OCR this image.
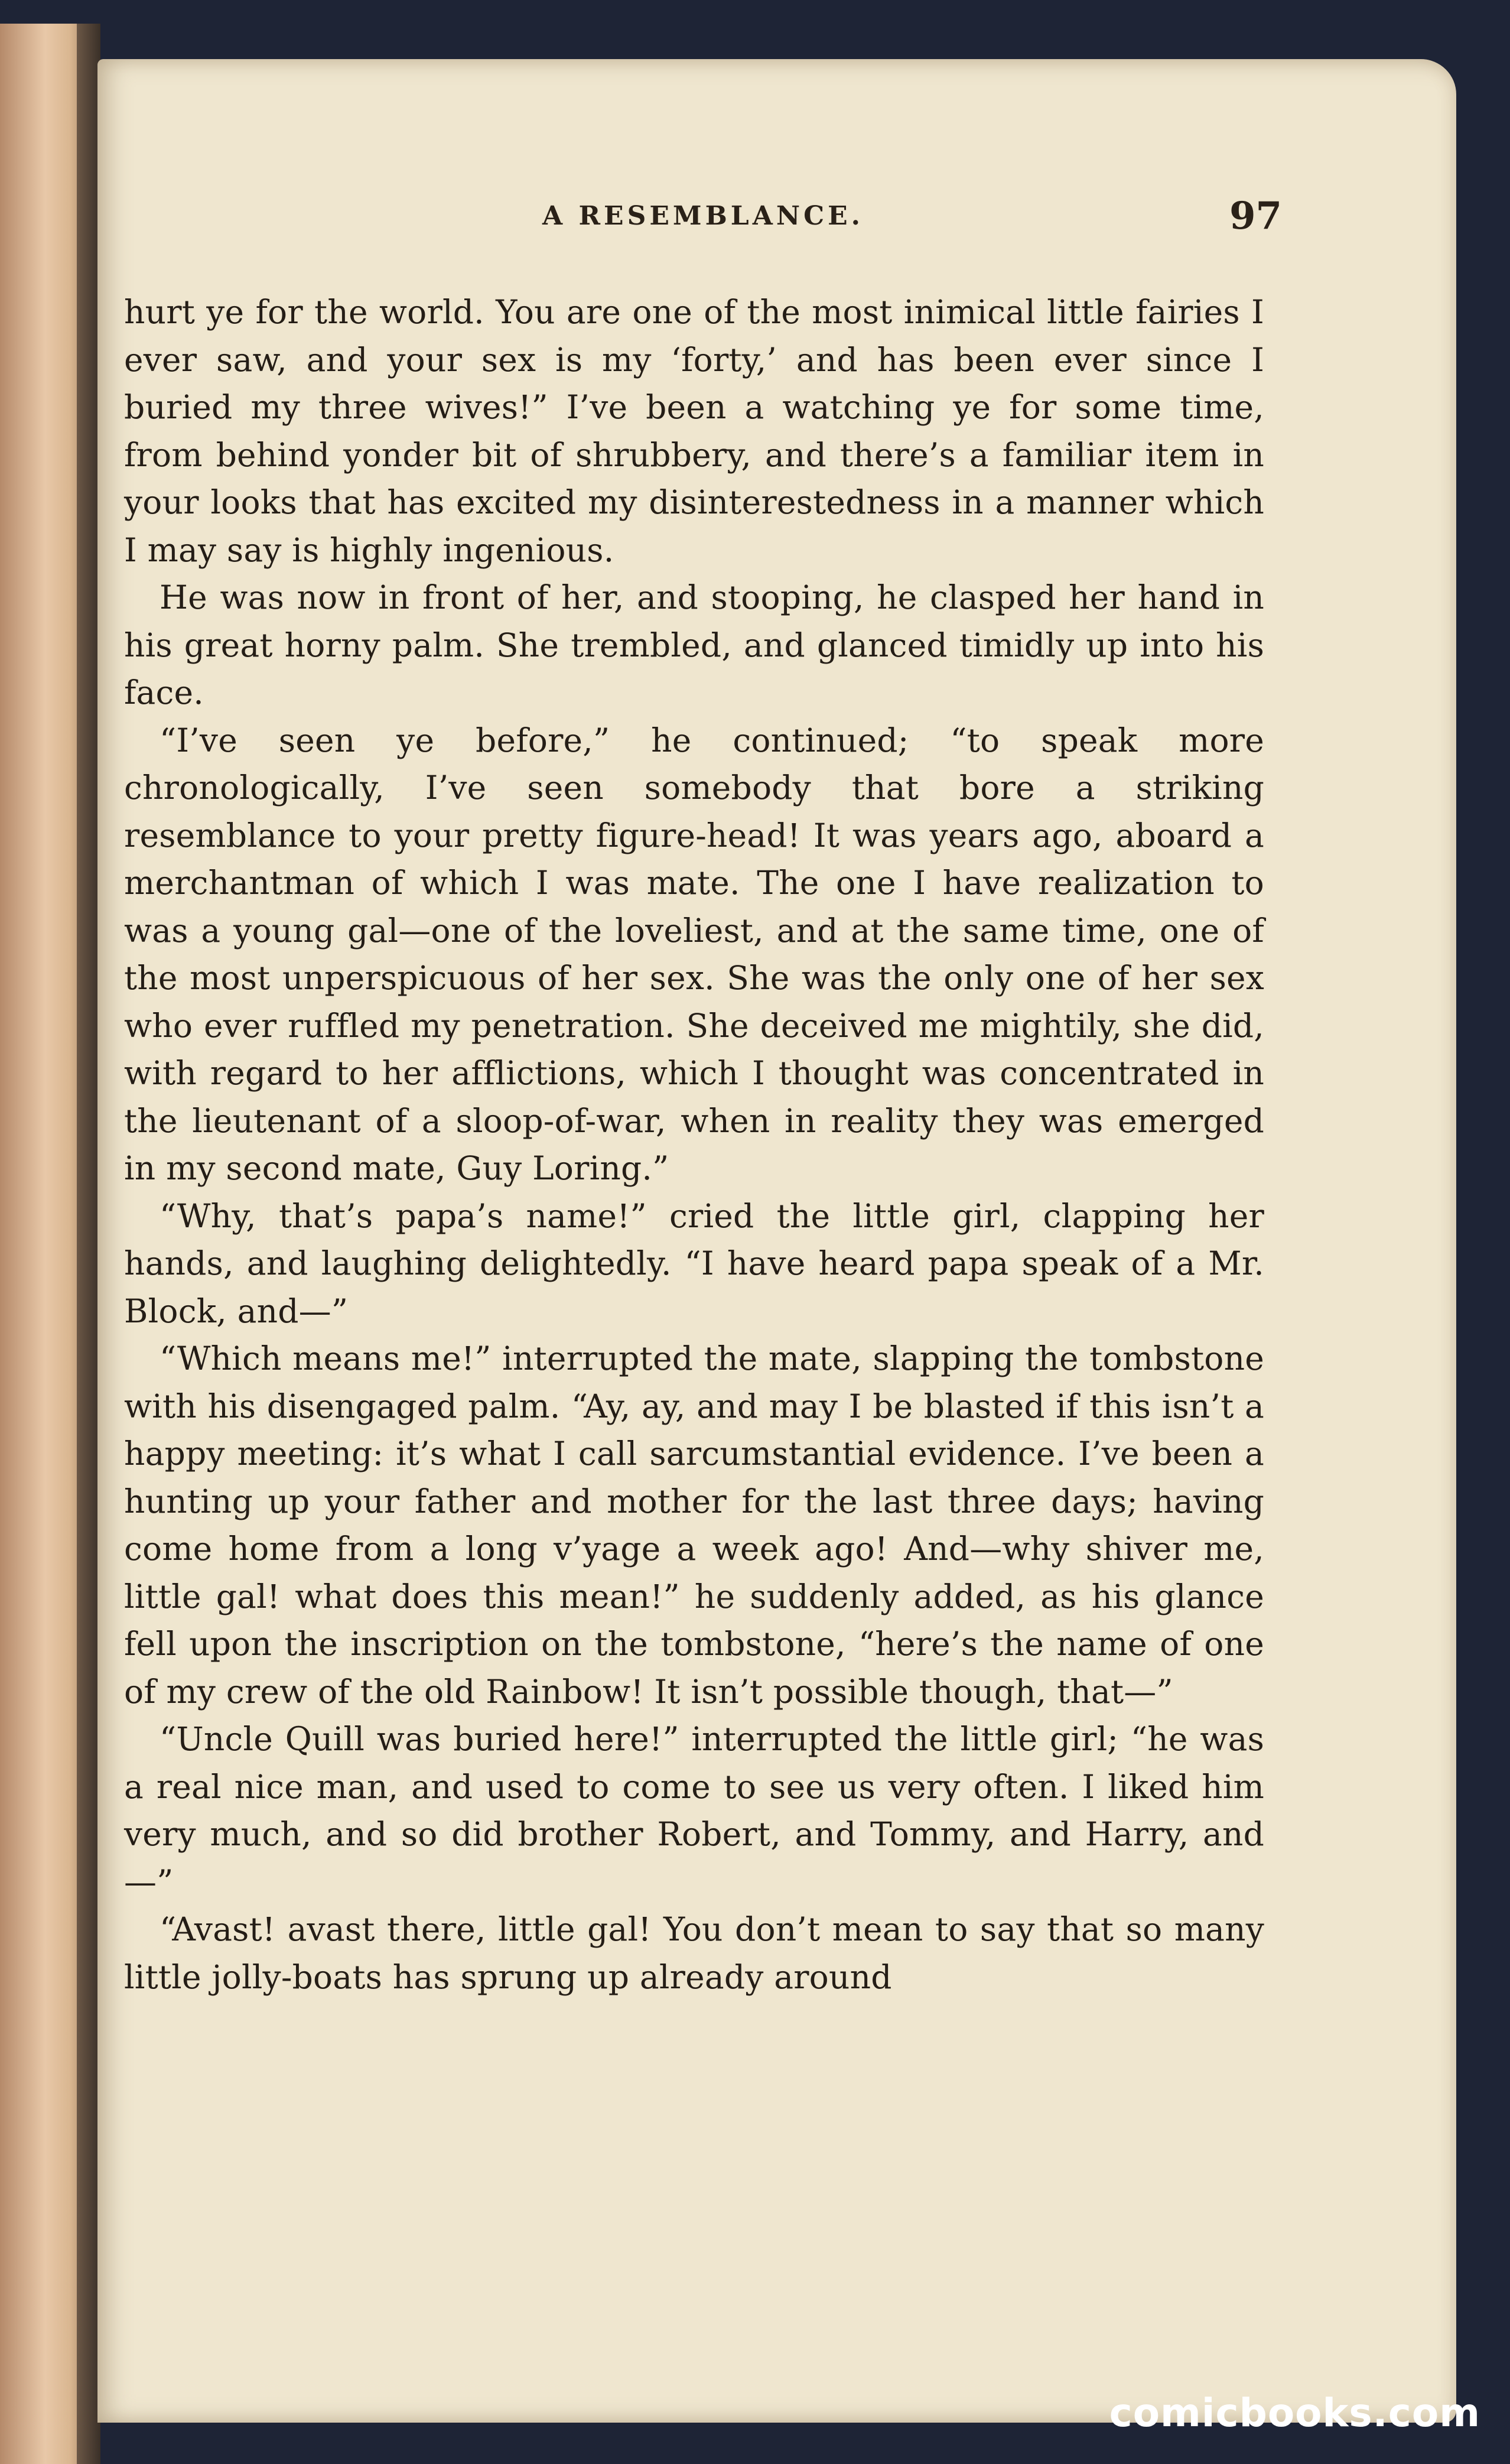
A RESEMBLANCE.	97

hurt ye for the world. You are one of the most inimical little fairies I ever saw, and your sex is my ‘forty,’ and has been ever since I buried my three wives!” I’ve been a watching ye for some time, from behind yonder bit of shrubbery, and there’s a familiar item in your looks that has excited my disinterestedness in a manner which I may say is highly ingenious.

He was now in front of her, and stooping, he clasped her hand in his great horny palm. She trembled, and glanced timidly up into his face.

“I’ve seen ye before,” he continued; “to speak more chronologically, I’ve seen somebody that bore a striking resemblance to your pretty figure-head! It was years ago, aboard a merchantman of which I was mate. The one I have realization to was a young gal—one of the loveliest, and at the same time, one of the most unperspicuous of her sex. She was the only one of her sex who ever ruffled my penetration. She deceived me mightily, she did, with regard to her afflictions, which I thought was concentrated in the lieutenant of a sloop-of-war, when in reality they was emerged in my second mate, Guy Loring.”

“Why, that’s papa’s name!” cried the little girl, clapping her hands, and laughing delightedly. “I have heard papa speak of a Mr. Block, and—”

“Which means me!” interrupted the mate, slapping the tombstone with his disengaged palm. “Ay, ay, and may I be blasted if this isn’t a happy meeting: it’s what I call sarcumstantial evidence. I’ve been a hunting up your father and mother for the last three days; having come home from a long v’yage a week ago! And—why shiver me, little gal! what does this mean!” he suddenly added, as his glance fell upon the inscription on the tombstone, “here’s the name of one of my crew of the old Rainbow! It isn’t possible though, that—”

“Uncle Quill was buried here!” interrupted the little girl; “he was a real nice man, and used to come to see us very often. I liked him very much, and so did brother Robert, and Tommy, and Harry, and—”

“Avast! avast there, little gal! You don’t mean to say that so many little jolly-boats has sprung up already around

comicbooks.com
